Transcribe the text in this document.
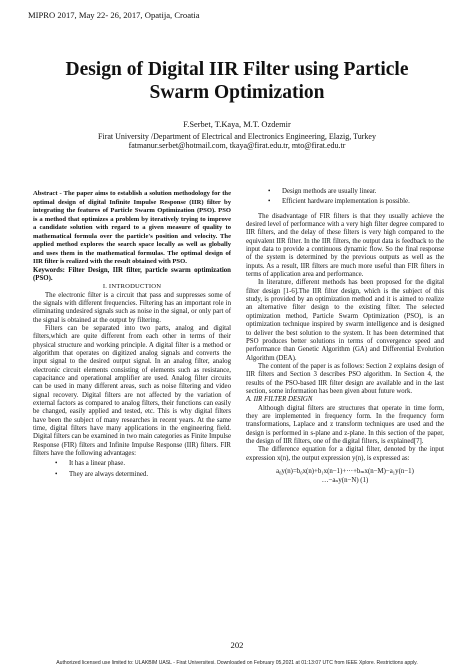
MIPRO 2017, May 22- 26, 2017, Opatija, Croatia
Design of Digital IIR Filter using Particle
Swarm Optimization
F.Serbet, T.Kaya, M.T. Ozdemir
Firat University /Department of Electrical and Electronics Engineering, Elazig, Turkey
fatmanur.serbet@hotmail.com, tkaya@firat.edu.tr, mto@firat.edu.tr

Abstract - The paper aims to establish a solution methodology for the optimal design of digital Infinite Impulse Response (IIR) filter by integrating the features of Particle Swarm Optimization (PSO). PSO is a method that optimizes a problem by iteratively trying to improve a candidate solution with regard to a given measure of quality to mathematical formula over the particle's position and velocity. The applied method explores the search space locally as well as globally and uses them in the mathematical formulas. The optimal design of IIR filter is realized with the result obtained with PSO.

Keywords: Filter Design, IIR filter, particle swarm optimization (PSO).

I. INTRODUCTION

The electronic filter is a circuit that pass and suppresses some of the signals with different frequencies. Filtering has an important role in eliminating undesired signals such as noise in the signal, or only part of the signal is obtained at the output by filtering.

Filters can be separated into two parts, analog and digital filters,which are quite different from each other in terms of their physical structure and working principle. A digital filter is a method or algorithm that operates on digitized analog signals and converts the input signal to the desired output signal. In an analog filter, analog electronic circuit elements consisting of elements such as resistance, capacitance and operational amplifier are used. Analog filter circuits can be used in many different areas, such as noise filtering and video signal recovery. Digital filters are not affected by the variation of external factors as compared to analog filters, their functions can easily be changed, easily applied and tested, etc. This is why digital filters have been the subject of many researches in recent years. At the same time, digital filters have many applications in the engineering field. Digital filters can be examined in two main categories as Finite Impulse Response (FIR) filters and Infinite Impulse Response (IIR) filters. FIR filters have the following advantages:

• It has a linear phase.
• They are always determined.
• Design methods are usually linear.
• Efficient hardware implementation is possible.

The disadvantage of FIR filters is that they usually achieve the desired level of performance with a very high filter degree compared to IIR filters, and the delay of these filters is very high compared to the equivalent IIR filter. In the IIR filters, the output data is feedback to the input data to provide a continuous dynamic flow. So the final response of the system is determined by the previous outputs as well as the inputs. As a result, IIR filters are much more useful than FIR filters in terms of application area and performance.

In literature, different methods has been proposed for the digital filter design [1-6].The IIR filter design, which is the subject of this study, is provided by an optimization method and it is aimed to realize an alternative filter design to the existing filter. The selected optimization method, Particle Swarm Optimization (PSO), is an optimization technique inspired by swarm intelligence and is designed to deliver the best solution to the system. It has been determined that PSO produces better solutions in terms of convergence speed and performance than Genetic Algorithm (GA) and Differential Evolution Algorithm (DEA).

The content of the paper is as follows: Section 2 explains design of IIR filters and Section 3 describes PSO algorithm. In Section 4, the results of the PSO-based IIR filter design are available and in the last section, some information has been given about future work.

A. IIR FILTER DESIGN

Although digital filters are structures that operate in time form, they are implemented in frequency form. In the frequency form transformations, Laplace and z transform techniques are used and the design is performed in s-plane and z-plane. In this section of the paper, the design of IIR filters, one of the digital filters, is explained[7].

The difference equation for a digital filter, denoted by the input expression x(n), the output expression y(n), is expressed as:

a₀y(n)=b₀x(n)+b₁x(n−1)+···+bₘx(n−M)−a₁y(n−1)
…−aₙy(n−N) (1)
202
Authorized licensed use limited to: ULAKBIM UASL - Firat Universitesi. Downloaded on February 05,2021 at 01:13:07 UTC from IEEE Xplore. Restrictions apply.
